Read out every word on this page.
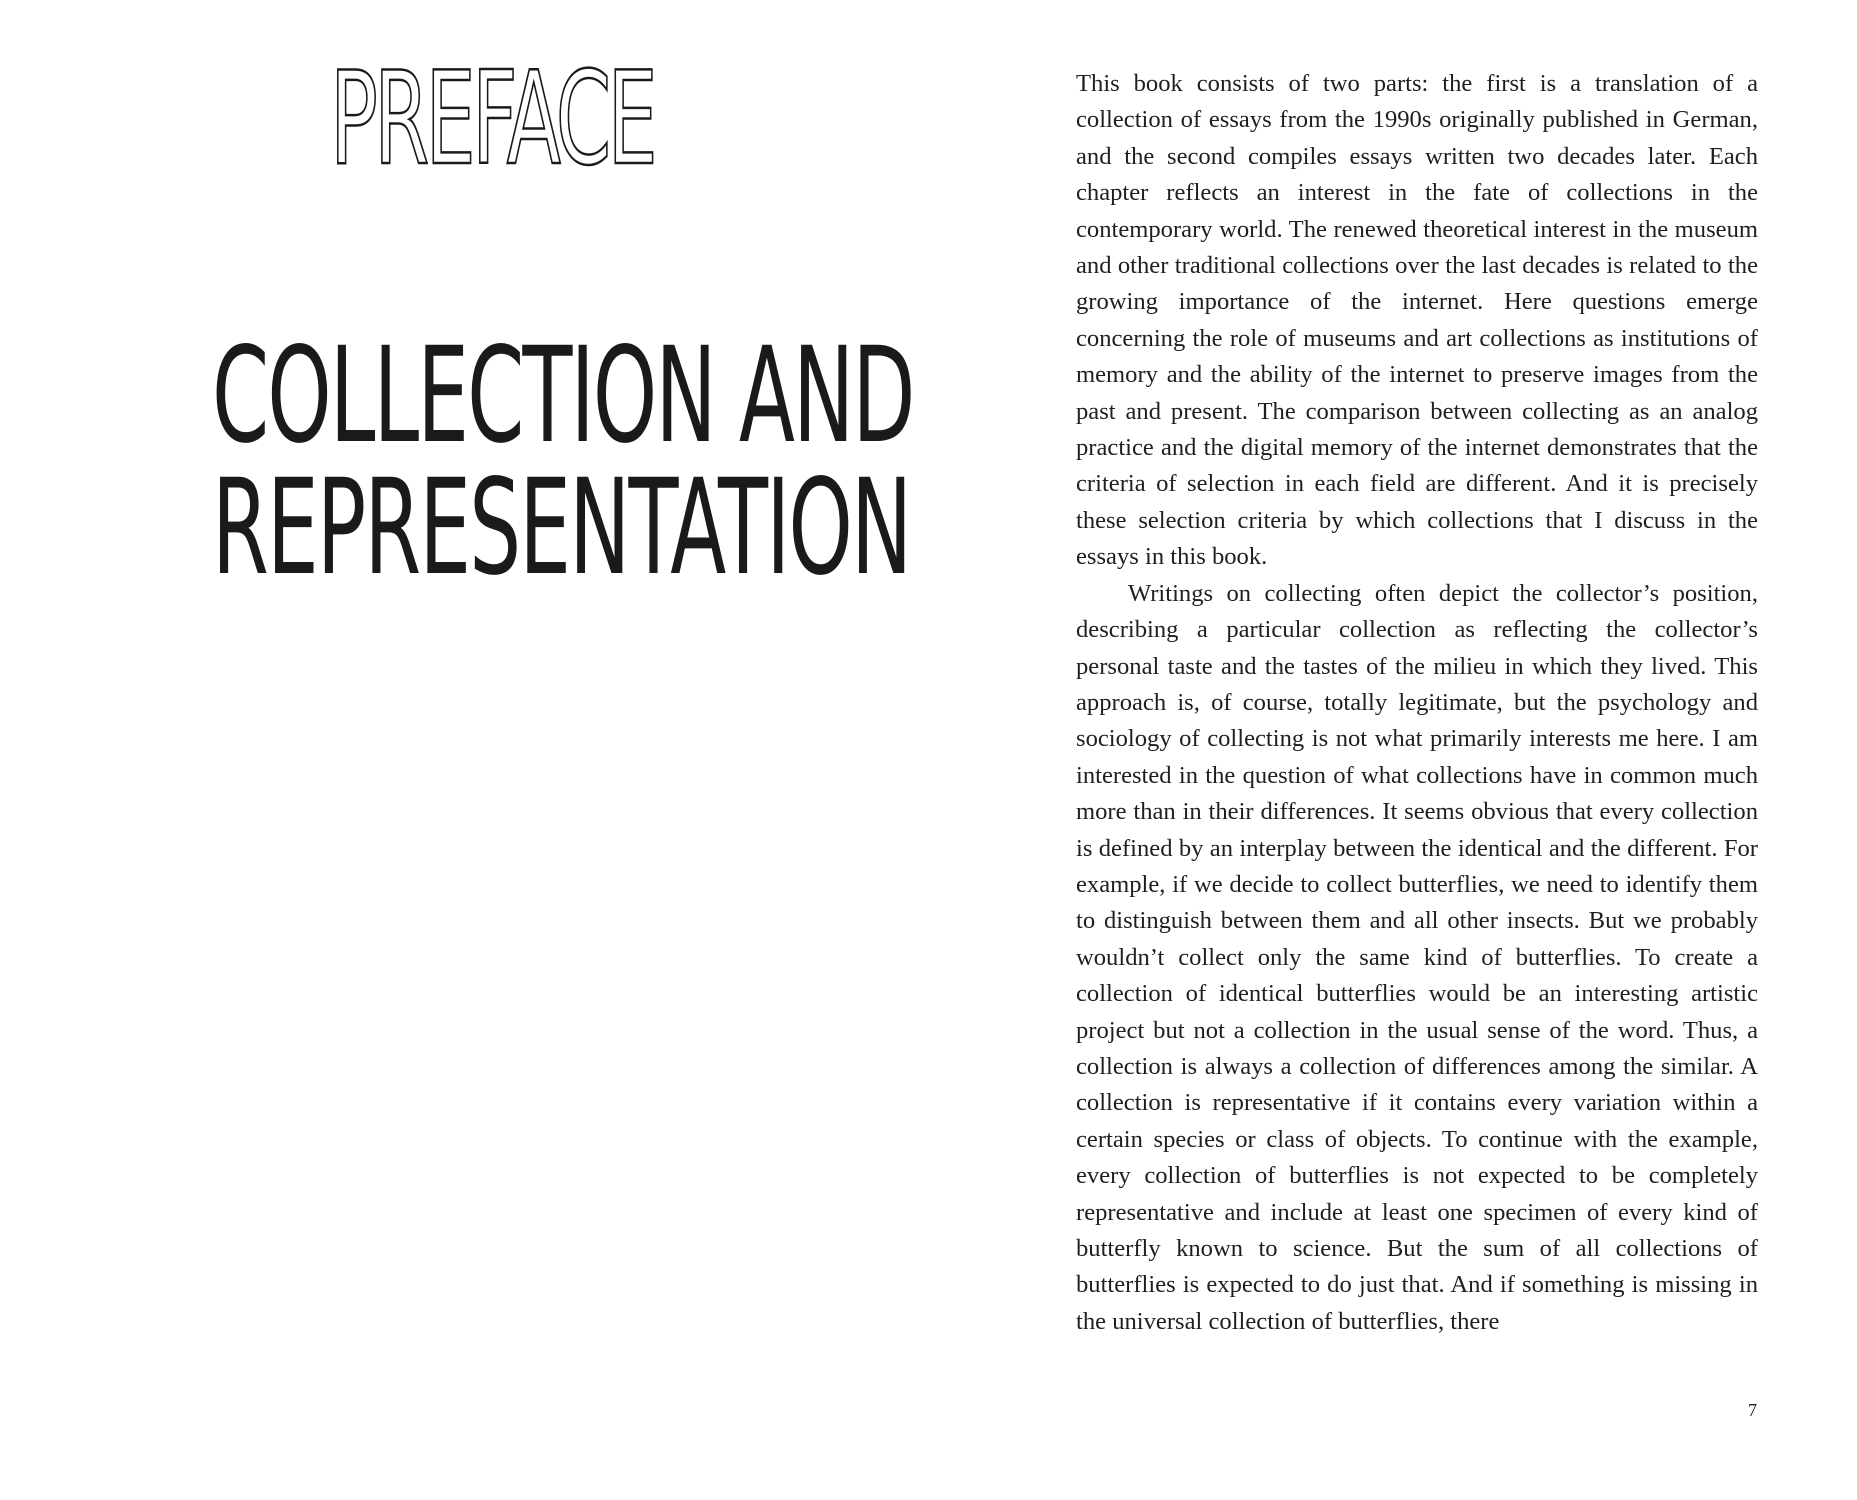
PREFACE
COLLECTION AND
REPRESENTATION

This book consists of two parts: the first is a translation of a collection of essays from the 1990s originally published in German, and the second compiles essays written two decades later. Each chapter reflects an interest in the fate of collections in the contemporary world. The renewed theoretical interest in the museum and other traditional collections over the last decades is related to the growing importance of the internet. Here questions emerge concerning the role of museums and art collections as institutions of memory and the ability of the internet to preserve images from the past and present. The comparison between collecting as an analog practice and the digital memory of the internet demonstrates that the criteria of selection in each field are different. And it is precisely these selection criteria by which collections that I discuss in the essays in this book.

Writings on collecting often depict the collector’s position, describing a particular collection as reflecting the collector’s personal taste and the tastes of the milieu in which they lived. This approach is, of course, totally legitimate, but the psychology and sociology of collecting is not what primarily interests me here. I am interested in the question of what collections have in common much more than in their differences. It seems obvious that every collection is defined by an interplay between the identical and the different. For example, if we decide to collect butterflies, we need to identify them to distinguish between them and all other insects. But we probably wouldn’t collect only the same kind of butterflies. To create a collection of identical butterflies would be an interesting artistic project but not a collection in the usual sense of the word. Thus, a collection is always a collection of differences among the similar. A collection is representative if it contains every variation within a certain species or class of objects. To continue with the example, every collection of butterflies is not expected to be completely representative and include at least one specimen of every kind of butterfly known to science. But the sum of all collections of butterflies is expected to do just that. And if something is missing in the universal collection of butterflies, there

7
